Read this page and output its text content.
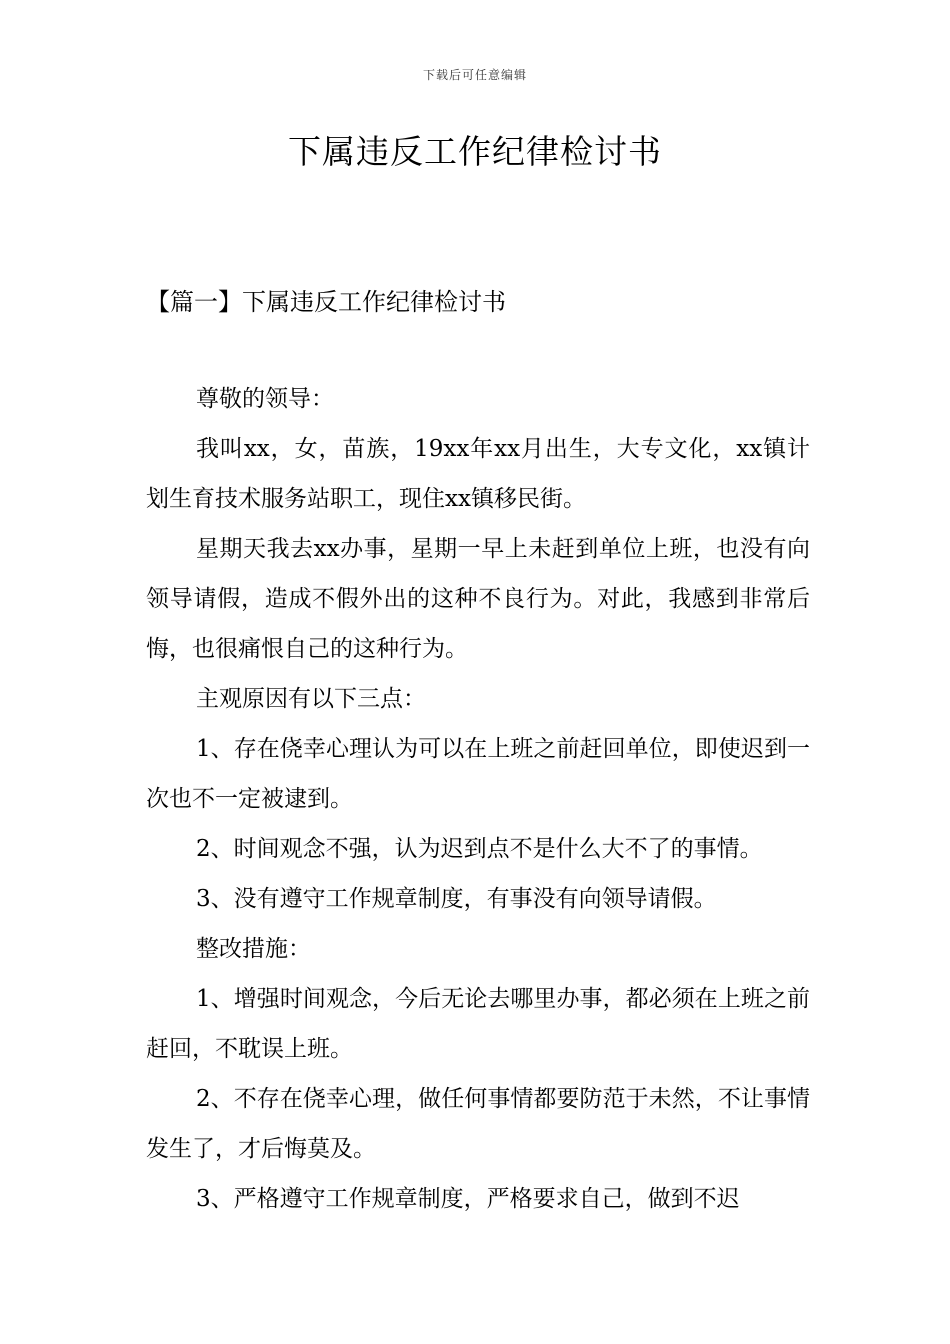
下载后可任意编辑
下属违反工作纪律检讨书
【篇一】下属违反工作纪律检讨书

尊敬的领导：

我叫xx，女，苗族，19xx年xx月出生，大专文化，xx镇计划生育技术服务站职工，现住xx镇移民街。

星期天我去xx办事，星期一早上未赶到单位上班，也没有向领导请假，造成不假外出的这种不良行为。对此，我感到非常后悔，也很痛恨自己的这种行为。

主观原因有以下三点：

1、存在侥幸心理认为可以在上班之前赶回单位，即使迟到一次也不一定被逮到。

2、时间观念不强，认为迟到点不是什么大不了的事情。

3、没有遵守工作规章制度，有事没有向领导请假。

整改措施：

1、增强时间观念，今后无论去哪里办事，都必须在上班之前赶回，不耽误上班。

2、不存在侥幸心理，做任何事情都要防范于未然，不让事情发生了，才后悔莫及。

3、严格遵守工作规章制度，严格要求自己，做到不迟
